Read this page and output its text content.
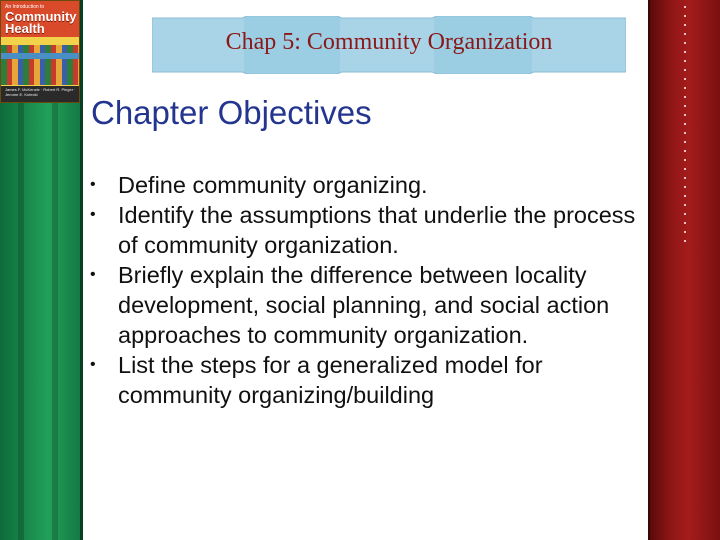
An Introduction to
Community
Health
James F. McKenzie · Robert R. Pinger · Jerome E. Kotecki
Chap 5: Community Organization
Chapter Objectives
• Define community organizing.
• Identify the assumptions that underlie the process of community organization.
• Briefly explain the difference between locality development, social planning, and social action approaches to community organization.
• List the steps for a generalized model for community organizing/building
